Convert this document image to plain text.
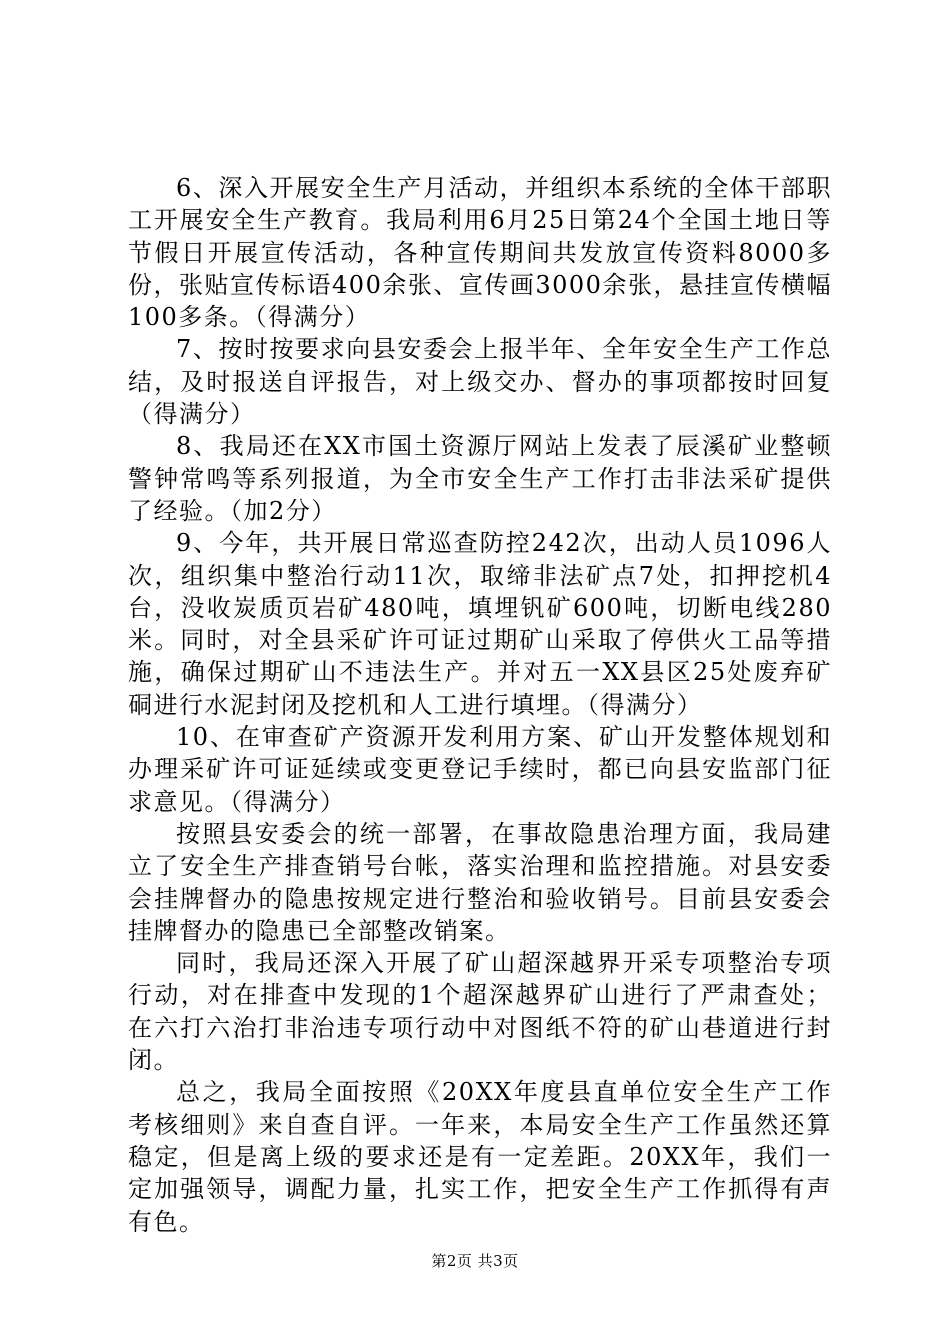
6、深入开展安全生产月活动，并组织本系统的全体干部职工开展安全生产教育。我局利用6月25日第24个全国土地日等节假日开展宣传活动，各种宣传期间共发放宣传资料8000多份，张贴宣传标语400余张、宣传画3000余张，悬挂宣传横幅100多条。（得满分）

7、按时按要求向县安委会上报半年、全年安全生产工作总结，及时报送自评报告，对上级交办、督办的事项都按时回复（得满分）

8、我局还在XX市国土资源厅网站上发表了辰溪矿业整顿警钟常鸣等系列报道，为全市安全生产工作打击非法采矿提供了经验。（加2分）

9、今年，共开展日常巡查防控242次，出动人员1096人次，组织集中整治行动11次，取缔非法矿点7处，扣押挖机4台，没收炭质页岩矿480吨，填埋钒矿600吨，切断电线280米。同时，对全县采矿许可证过期矿山采取了停供火工品等措施，确保过期矿山不违法生产。并对五一XX县区25处废弃矿硐进行水泥封闭及挖机和人工进行填埋。（得满分）

10、在审查矿产资源开发利用方案、矿山开发整体规划和办理采矿许可证延续或变更登记手续时，都已向县安监部门征求意见。（得满分）

按照县安委会的统一部署，在事故隐患治理方面，我局建立了安全生产排查销号台帐，落实治理和监控措施。对县安委会挂牌督办的隐患按规定进行整治和验收销号。目前县安委会挂牌督办的隐患已全部整改销案。

同时，我局还深入开展了矿山超深越界开采专项整治专项行动，对在排查中发现的1个超深越界矿山进行了严肃查处；在六打六治打非治违专项行动中对图纸不符的矿山巷道进行封闭。

总之，我局全面按照《20XX年度县直单位安全生产工作考核细则》来自查自评。一年来，本局安全生产工作虽然还算稳定，但是离上级的要求还是有一定差距。20XX年，我们一定加强领导，调配力量，扎实工作，把安全生产工作抓得有声有色。

第2页 共3页
